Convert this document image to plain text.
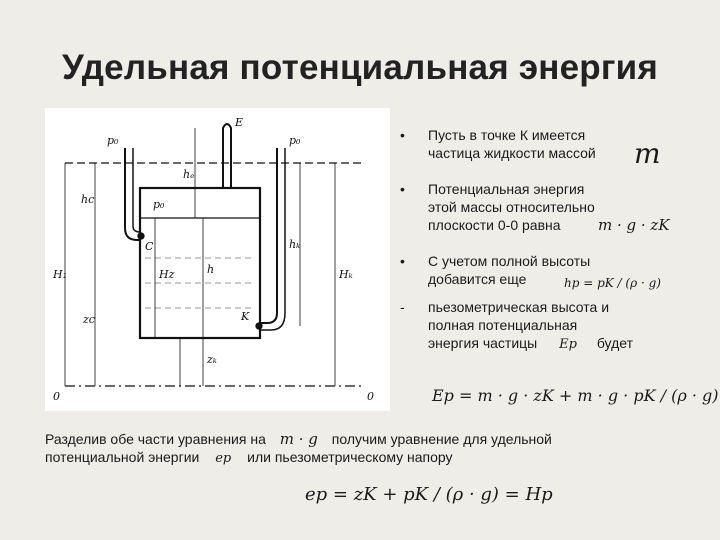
Удельная потенциальная энергия
p₀	p₀
p₀
E
hₑ
hc
C
K
H₁	Hz	h
hₖ
Hₖ
zc
zₖ
0	0
•	Пусть в точке К имеется
частица жидкости массой	m
•	Потенциальная энергия
этой массы относительно
плоскости 0-0 равна	m · g · zK
•	С учетом полной высоты
добавится еще	hp = pK / (ρ · g)
-	пьезометрическая высота и
полная потенциальная
энергия частицы Ep будет
Ep = m · g · zK + m · g · pK / (ρ · g)
Разделив обе части уравнения на m · g получим уравнение для удельной
потенциальной энергии ep или пьезометрическому напору
ep = zK + pK / (ρ · g) = Hp
